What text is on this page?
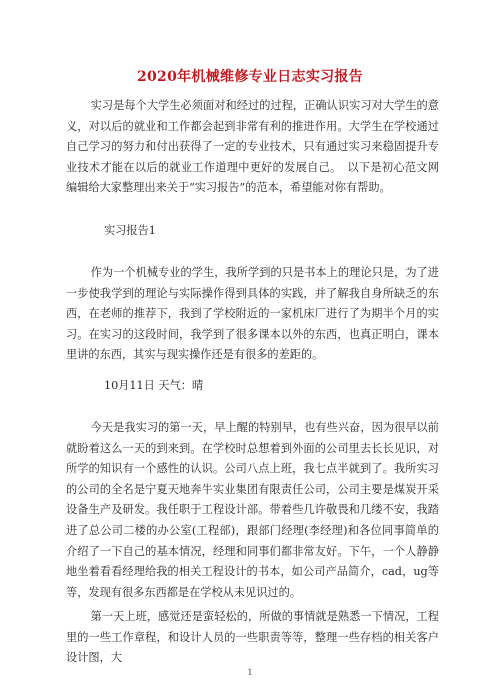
2020年机械维修专业日志实习报告

实习是每个大学生必须面对和经过的过程，正确认识实习对大学生的意义，对以后的就业和工作都会起到非常有利的推进作用。大学生在学校通过自己学习的努力和付出获得了一定的专业技术，只有通过实习来稳固提升专业技术才能在以后的就业工作道理中更好的发展自己。　以下是初心范文网编辑给大家整理出来关于“实习报告”的范本，希望能对你有帮助。

实习报告1

作为一个机械专业的学生，我所学到的只是书本上的理论只是，为了进一步使我学到的理论与实际操作得到具体的实践，并了解我自身所缺乏的东西，在老师的推荐下，我到了学校附近的一家机床厂进行了为期半个月的实习。在实习的这段时间，我学到了很多课本以外的东西，也真正明白，课本里讲的东西，其实与现实操作还是有很多的差距的。

10月11日 天气：晴

今天是我实习的第一天，早上醒的特别早，也有些兴奋，因为很早以前就盼着这么一天的到来到。在学校时总想着到外面的公司里去长长见识，对所学的知识有一个感性的认识。公司八点上班，我七点半就到了。我所实习的公司的全名是宁夏天地奔牛实业集团有限责任公司，公司主要是煤炭开采设备生产及研发。我任职于工程设计部。带着些几许敬畏和几缕不安，我踏进了总公司二楼的办公室(工程部)，跟部门经理(李经理)和各位同事简单的介绍了一下自己的基本情况，经理和同事们都非常友好。下午，一个人静静地坐着看看经理给我的相关工程设计的书本，如公司产品简介，cad，ug等等，发现有很多东西都是在学校从未见识过的。

第一天上班，感觉还是蛮轻松的，所做的事情就是熟悉一下情况，工程里的一些工作章程，和设计人员的一些职责等等，整理一些存档的相关客户设计图，大

1
